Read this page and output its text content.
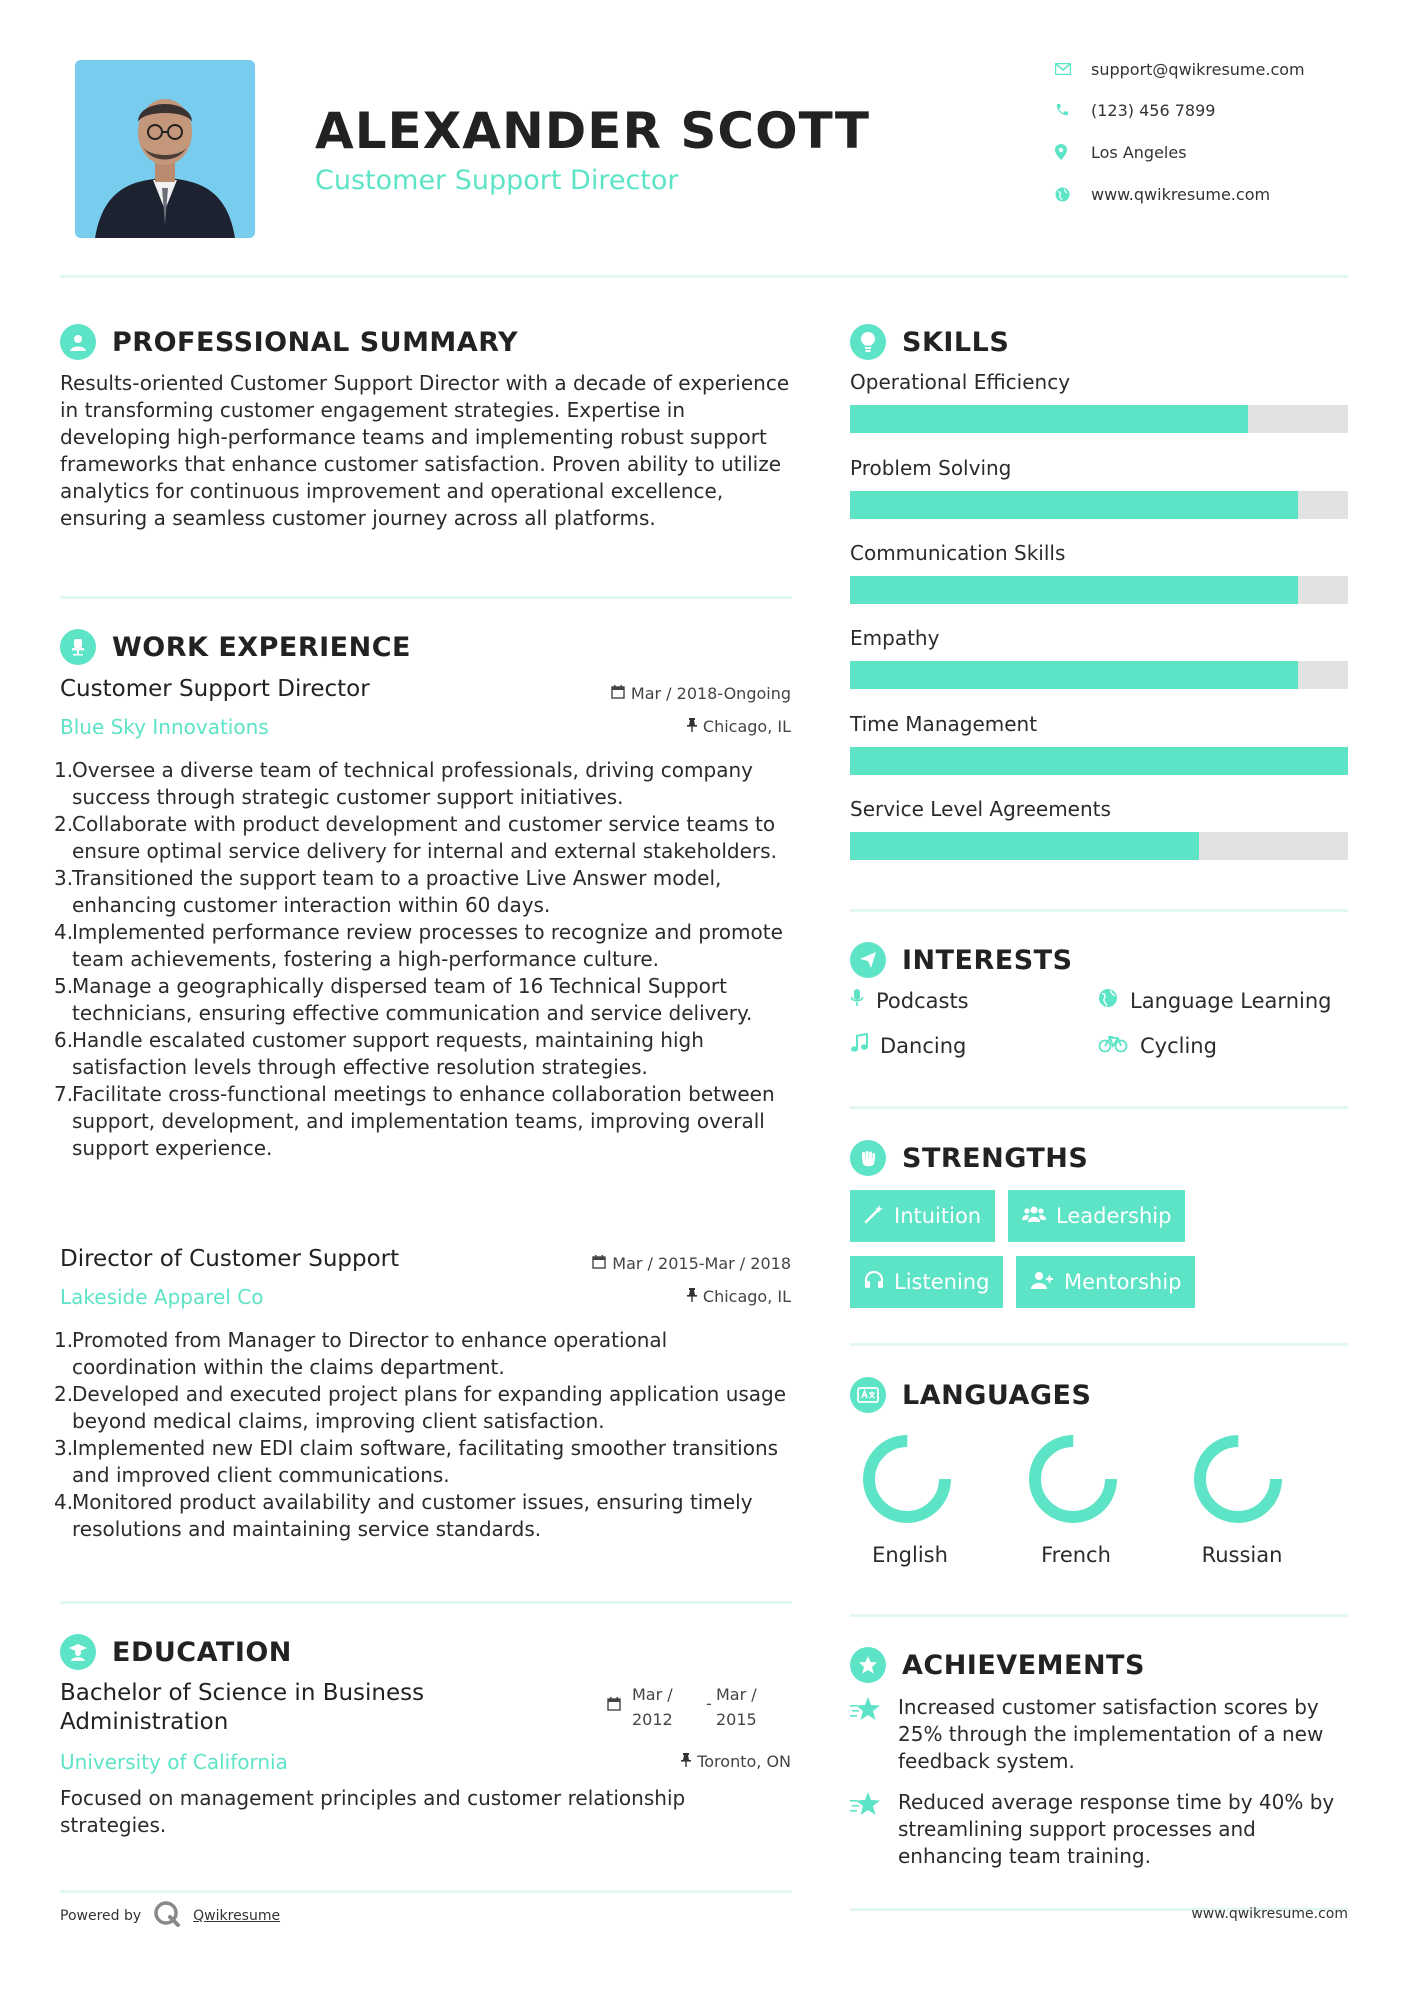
ALEXANDER SCOTT
Customer Support Director
support@qwikresume.com
(123) 456 7899
Los Angeles
www.qwikresume.com
PROFESSIONAL SUMMARY
Results-oriented Customer Support Director with a decade of experience in transforming customer engagement strategies. Expertise in developing high-performance teams and implementing robust support frameworks that enhance customer satisfaction. Proven ability to utilize analytics for continuous improvement and operational excellence, ensuring a seamless customer journey across all platforms.
WORK EXPERIENCE
Customer Support Director	Mar / 2018-Ongoing
Blue Sky Innovations	Chicago, IL
1.
Oversee a diverse team of technical professionals, driving company success through strategic customer support initiatives.
2.
Collaborate with product development and customer service teams to ensure optimal service delivery for internal and external stakeholders.
3.
Transitioned the support team to a proactive Live Answer model, enhancing customer interaction within 60 days.
4.
Implemented performance review processes to recognize and promote team achievements, fostering a high-performance culture.
5.
Manage a geographically dispersed team of 16 Technical Support technicians, ensuring effective communication and service delivery.
6.
Handle escalated customer support requests, maintaining high satisfaction levels through effective resolution strategies.
7.
Facilitate cross-functional meetings to enhance collaboration between support, development, and implementation teams, improving overall support experience.
Director of Customer Support	Mar / 2015-Mar / 2018
Lakeside Apparel Co	Chicago, IL
1.
Promoted from Manager to Director to enhance operational coordination within the claims department.
2.
Developed and executed project plans for expanding application usage beyond medical claims, improving client satisfaction.
3.
Implemented new EDI claim software, facilitating smoother transitions and improved client communications.
4.
Monitored product availability and customer issues, ensuring timely resolutions and maintaining service standards.
EDUCATION
Bachelor of Science in Business
Administration
Mar /
2012
- Mar /
2015
University of California	Toronto, ON
Focused on management principles and customer relationship strategies.
SKILLS
Operational Efficiency
Problem Solving
Communication Skills
Empathy
Time Management
Service Level Agreements
INTERESTS
Podcasts	Language Learning
Dancing	Cycling
STRENGTHS
Intuition	Leadership
Listening	Mentorship
LANGUAGES
English	French	Russian
ACHIEVEMENTS
Increased customer satisfaction scores by 25% through the implementation of a new feedback system.
Reduced average response time by 40% by streamlining support processes and enhancing team training.
Powered by	Qwikresume	www.qwikresume.com
